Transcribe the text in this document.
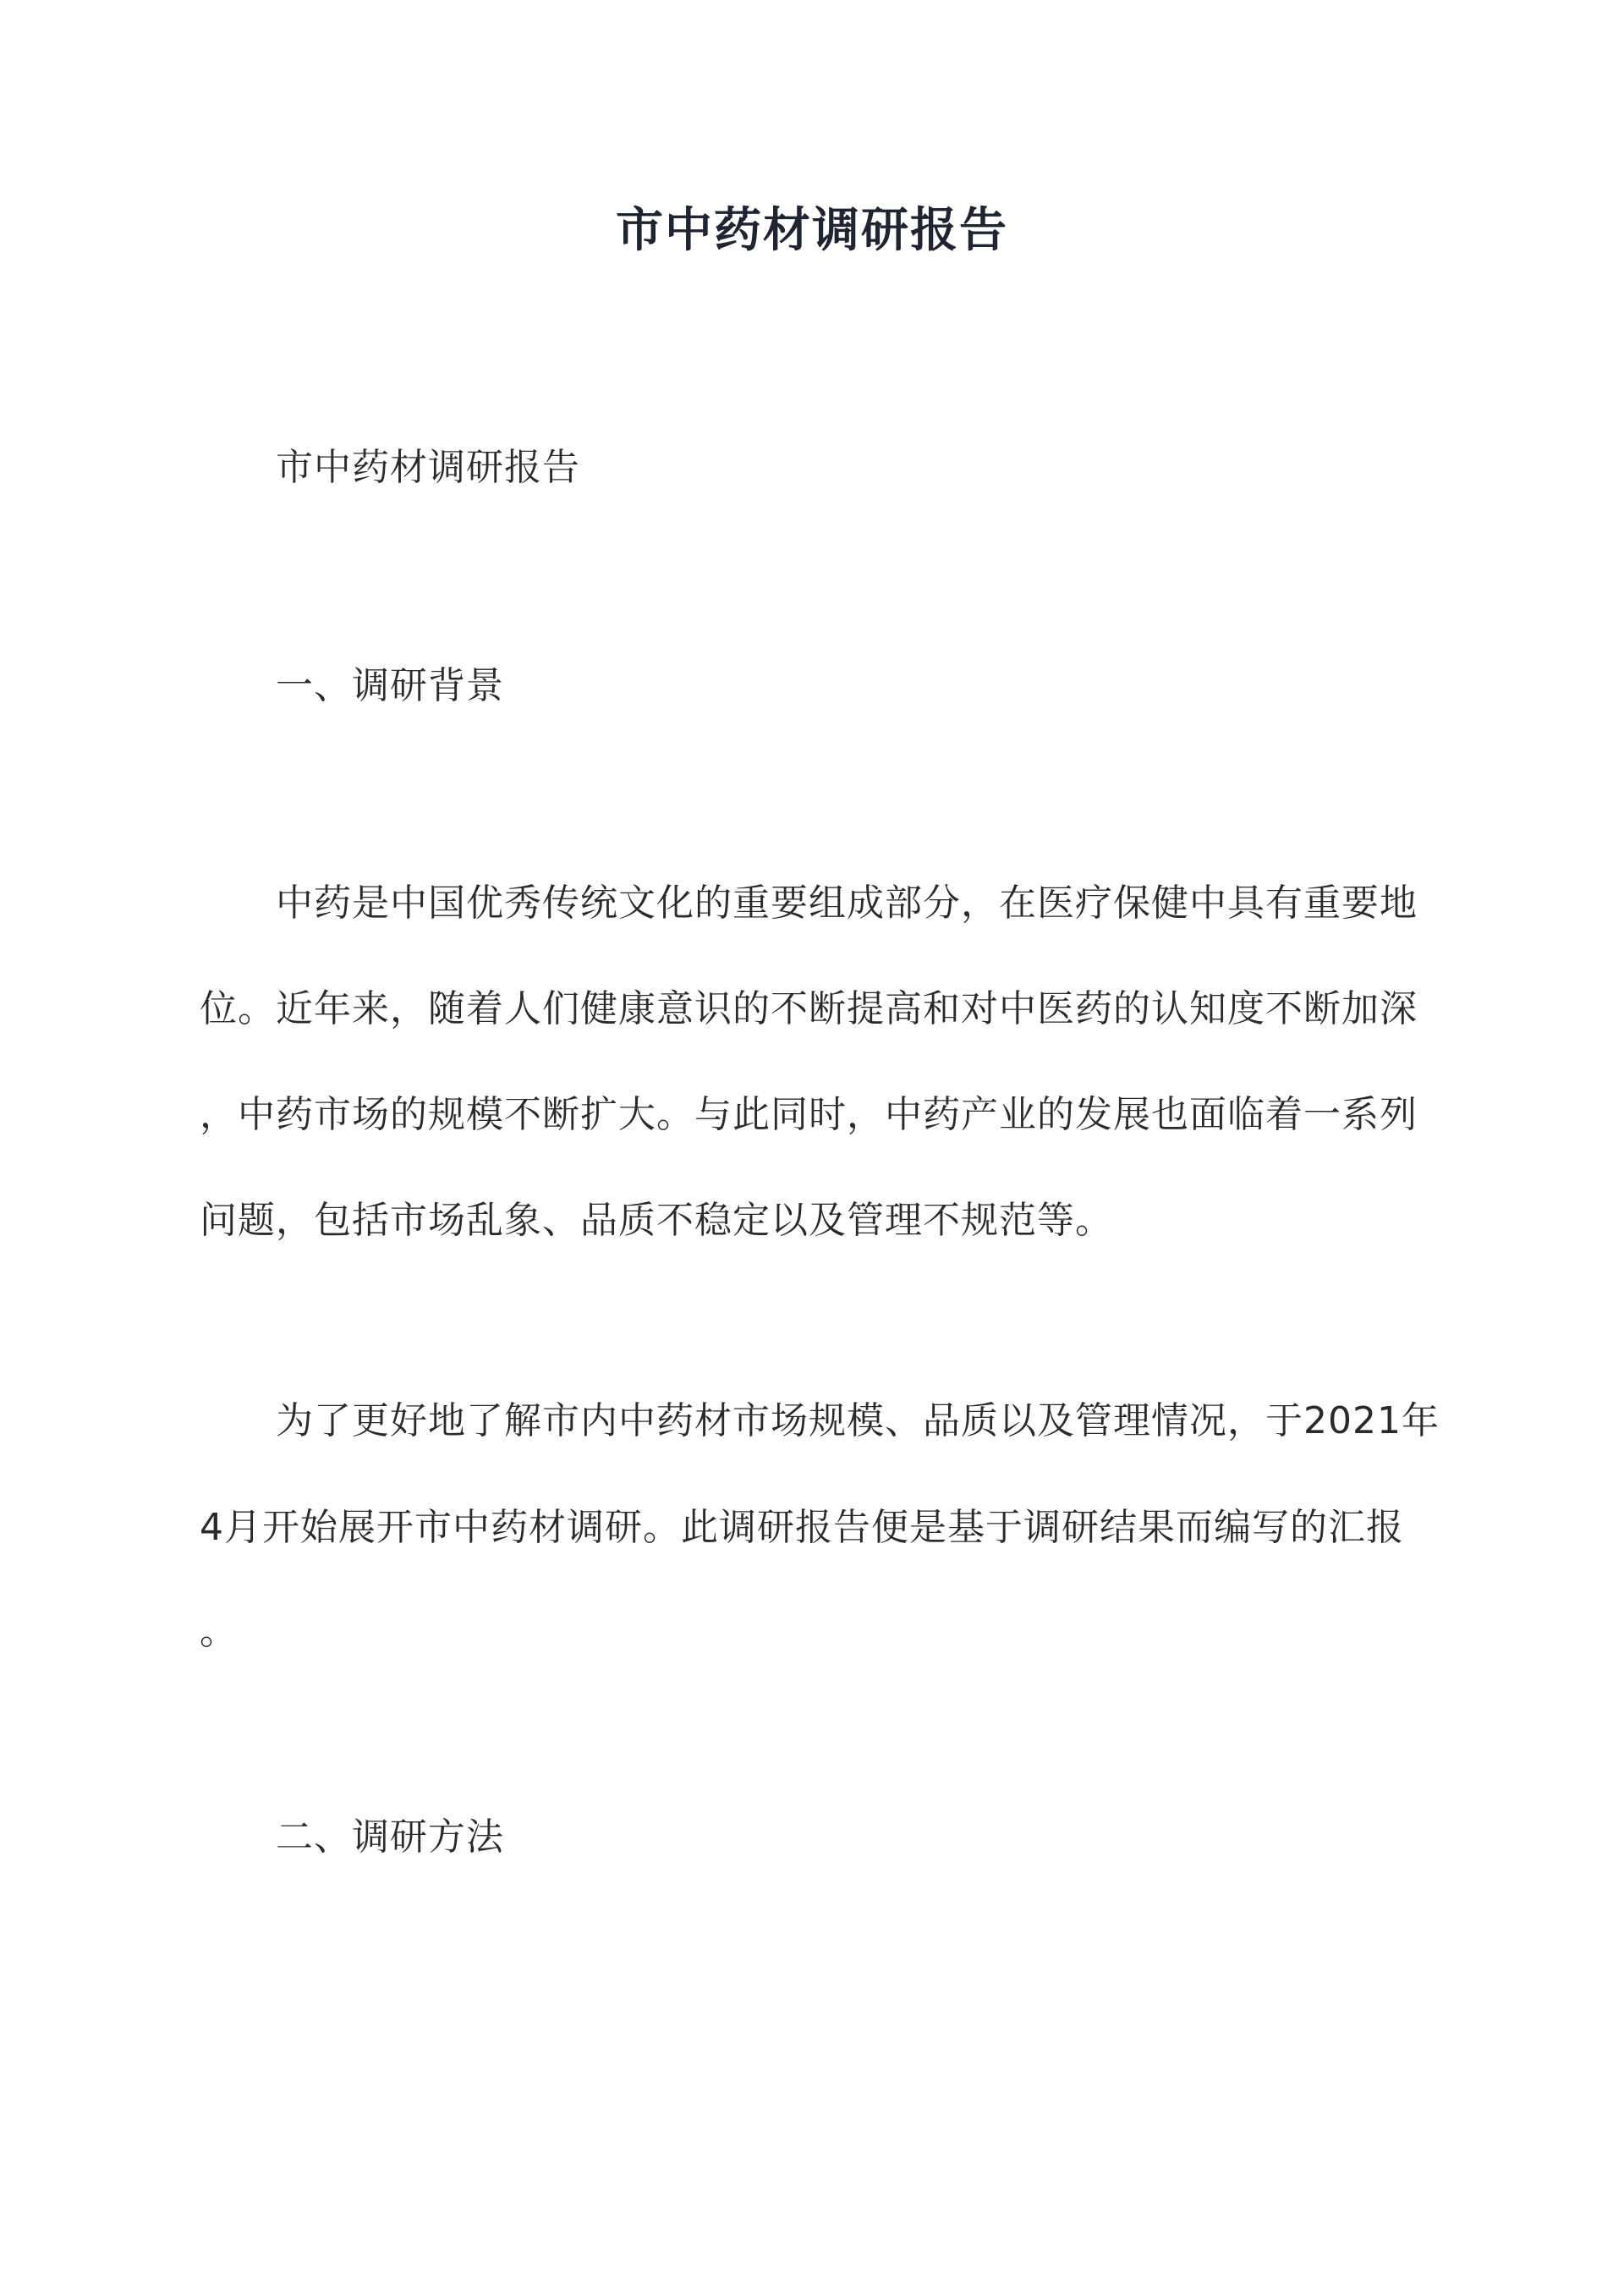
市中药材调研报告
市中药材调研报告
一、调研背景
中药是中国优秀传统文化的重要组成部分，在医疗保健中具有重要地
位。近年来，随着人们健康意识的不断提高和对中医药的认知度不断加深
，中药市场的规模不断扩大。与此同时，中药产业的发展也面临着一系列
问题，包括市场乱象、品质不稳定以及管理不规范等。
为了更好地了解市内中药材市场规模、品质以及管理情况，于2021年
4月开始展开市中药材调研。此调研报告便是基于调研结果而编写的汇报
。
二、调研方法
